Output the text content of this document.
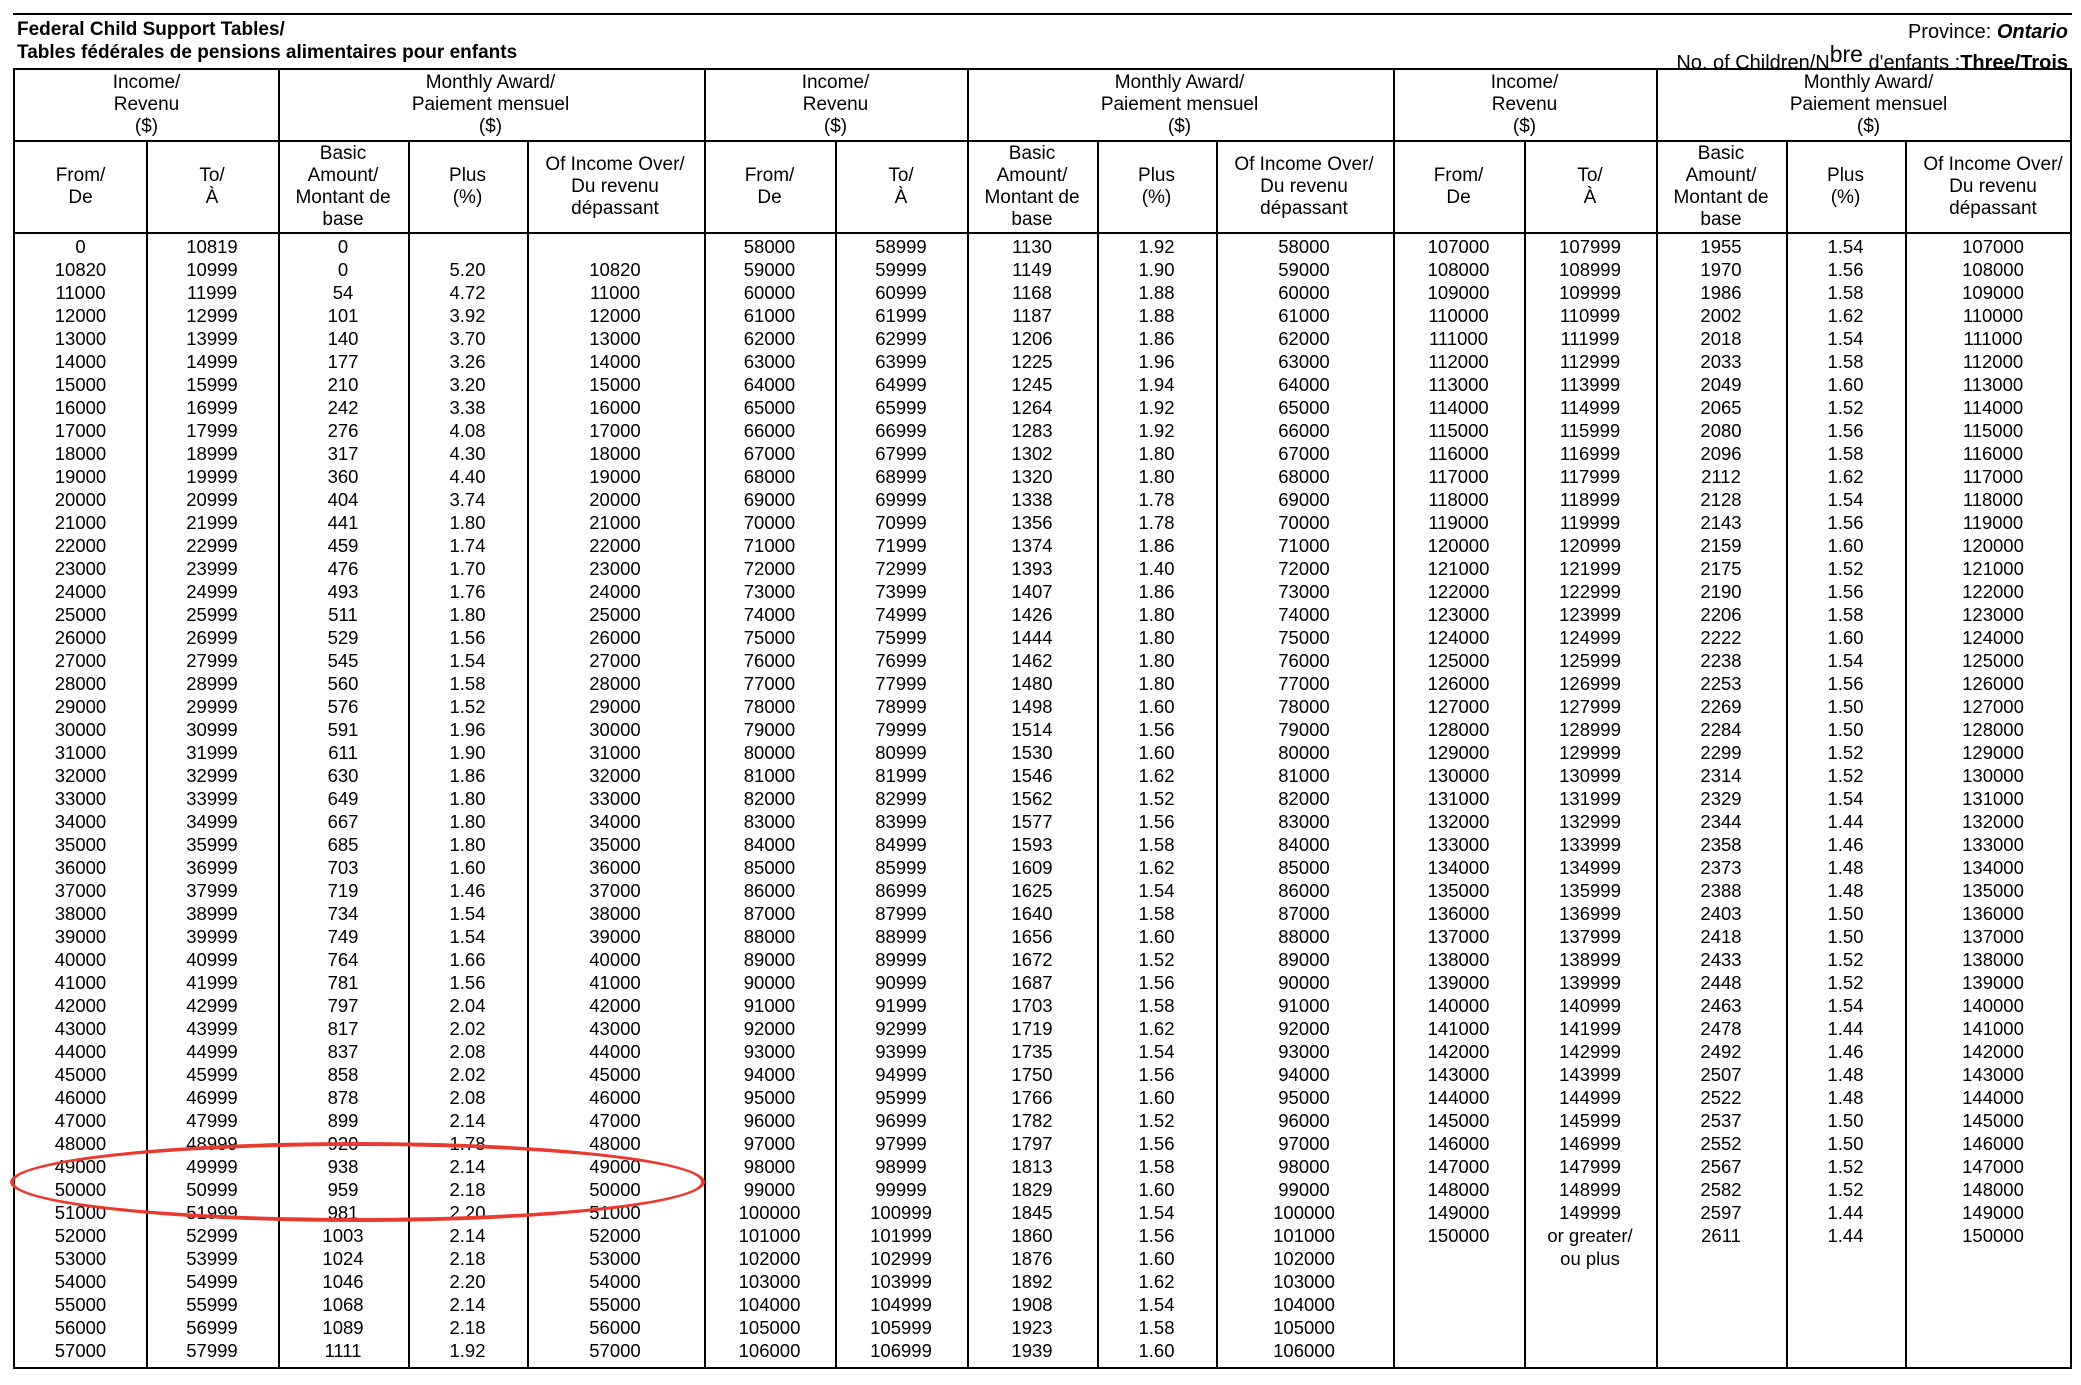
Federal Child Support Tables/
Tables fédérales de pensions alimentaires pour enfants
Province: Ontario
No. of Children/Nbre d'enfants :Three/Trois
Income/
Revenu
($)
Monthly Award/
Paiement mensuel
($)
From/
De
To/
À
Basic
Amount/
Montant de
base
Plus
(%)
Of Income Over/
Du revenu
dépassant
0	10819	0
10820	10999	0	5.20	10820
11000	11999	54	4.72	11000
12000	12999	101	3.92	12000
13000	13999	140	3.70	13000
14000	14999	177	3.26	14000
15000	15999	210	3.20	15000
16000	16999	242	3.38	16000
17000	17999	276	4.08	17000
18000	18999	317	4.30	18000
19000	19999	360	4.40	19000
20000	20999	404	3.74	20000
21000	21999	441	1.80	21000
22000	22999	459	1.74	22000
23000	23999	476	1.70	23000
24000	24999	493	1.76	24000
25000	25999	511	1.80	25000
26000	26999	529	1.56	26000
27000	27999	545	1.54	27000
28000	28999	560	1.58	28000
29000	29999	576	1.52	29000
30000	30999	591	1.96	30000
31000	31999	611	1.90	31000
32000	32999	630	1.86	32000
33000	33999	649	1.80	33000
34000	34999	667	1.80	34000
35000	35999	685	1.80	35000
36000	36999	703	1.60	36000
37000	37999	719	1.46	37000
38000	38999	734	1.54	38000
39000	39999	749	1.54	39000
40000	40999	764	1.66	40000
41000	41999	781	1.56	41000
42000	42999	797	2.04	42000
43000	43999	817	2.02	43000
44000	44999	837	2.08	44000
45000	45999	858	2.02	45000
46000	46999	878	2.08	46000
47000	47999	899	2.14	47000
48000	48999	920	1.78	48000
49000	49999	938	2.14	49000
50000	50999	959	2.18	50000
51000	51999	981	2.20	51000
52000	52999	1003	2.14	52000
53000	53999	1024	2.18	53000
54000	54999	1046	2.20	54000
55000	55999	1068	2.14	55000
56000	56999	1089	2.18	56000
57000	57999	1111	1.92	57000
Income/
Revenu
($)
Monthly Award/
Paiement mensuel
($)
From/
De
To/
À
Basic
Amount/
Montant de
base
Plus
(%)
Of Income Over/
Du revenu
dépassant
58000	58999	1130	1.92	58000
59000	59999	1149	1.90	59000
60000	60999	1168	1.88	60000
61000	61999	1187	1.88	61000
62000	62999	1206	1.86	62000
63000	63999	1225	1.96	63000
64000	64999	1245	1.94	64000
65000	65999	1264	1.92	65000
66000	66999	1283	1.92	66000
67000	67999	1302	1.80	67000
68000	68999	1320	1.80	68000
69000	69999	1338	1.78	69000
70000	70999	1356	1.78	70000
71000	71999	1374	1.86	71000
72000	72999	1393	1.40	72000
73000	73999	1407	1.86	73000
74000	74999	1426	1.80	74000
75000	75999	1444	1.80	75000
76000	76999	1462	1.80	76000
77000	77999	1480	1.80	77000
78000	78999	1498	1.60	78000
79000	79999	1514	1.56	79000
80000	80999	1530	1.60	80000
81000	81999	1546	1.62	81000
82000	82999	1562	1.52	82000
83000	83999	1577	1.56	83000
84000	84999	1593	1.58	84000
85000	85999	1609	1.62	85000
86000	86999	1625	1.54	86000
87000	87999	1640	1.58	87000
88000	88999	1656	1.60	88000
89000	89999	1672	1.52	89000
90000	90999	1687	1.56	90000
91000	91999	1703	1.58	91000
92000	92999	1719	1.62	92000
93000	93999	1735	1.54	93000
94000	94999	1750	1.56	94000
95000	95999	1766	1.60	95000
96000	96999	1782	1.52	96000
97000	97999	1797	1.56	97000
98000	98999	1813	1.58	98000
99000	99999	1829	1.60	99000
100000	100999	1845	1.54	100000
101000	101999	1860	1.56	101000
102000	102999	1876	1.60	102000
103000	103999	1892	1.62	103000
104000	104999	1908	1.54	104000
105000	105999	1923	1.58	105000
106000	106999	1939	1.60	106000
Income/
Revenu
($)
Monthly Award/
Paiement mensuel
($)
From/
De
To/
À
Basic
Amount/
Montant de
base
Plus
(%)
Of Income Over/
Du revenu
dépassant
107000	107999	1955	1.54	107000
108000	108999	1970	1.56	108000
109000	109999	1986	1.58	109000
110000	110999	2002	1.62	110000
111000	111999	2018	1.54	111000
112000	112999	2033	1.58	112000
113000	113999	2049	1.60	113000
114000	114999	2065	1.52	114000
115000	115999	2080	1.56	115000
116000	116999	2096	1.58	116000
117000	117999	2112	1.62	117000
118000	118999	2128	1.54	118000
119000	119999	2143	1.56	119000
120000	120999	2159	1.60	120000
121000	121999	2175	1.52	121000
122000	122999	2190	1.56	122000
123000	123999	2206	1.58	123000
124000	124999	2222	1.60	124000
125000	125999	2238	1.54	125000
126000	126999	2253	1.56	126000
127000	127999	2269	1.50	127000
128000	128999	2284	1.50	128000
129000	129999	2299	1.52	129000
130000	130999	2314	1.52	130000
131000	131999	2329	1.54	131000
132000	132999	2344	1.44	132000
133000	133999	2358	1.46	133000
134000	134999	2373	1.48	134000
135000	135999	2388	1.48	135000
136000	136999	2403	1.50	136000
137000	137999	2418	1.50	137000
138000	138999	2433	1.52	138000
139000	139999	2448	1.52	139000
140000	140999	2463	1.54	140000
141000	141999	2478	1.44	141000
142000	142999	2492	1.46	142000
143000	143999	2507	1.48	143000
144000	144999	2522	1.48	144000
145000	145999	2537	1.50	145000
146000	146999	2552	1.50	146000
147000	147999	2567	1.52	147000
148000	148999	2582	1.52	148000
149000	149999	2597	1.44	149000
150000	or greater/	2611	1.44	150000
ou plus
